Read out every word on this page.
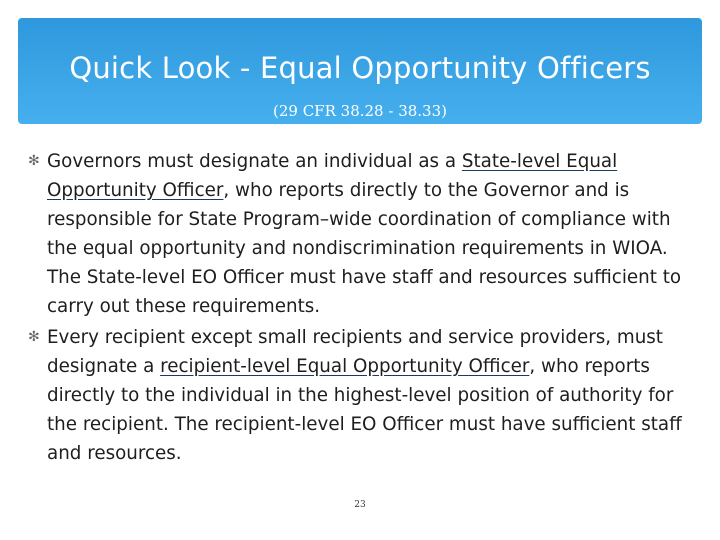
Quick Look - Equal Opportunity Officers
(29 CFR 38.28 - 38.33)
✻ Governors must designate an individual as a State-level Equal Opportunity Officer, who reports directly to the Governor and is responsible for State Program–wide coordination of compliance with the equal opportunity and nondiscrimination requirements in WIOA. The State-level EO Officer must have staff and resources sufficient to carry out these requirements.
✻ Every recipient except small recipients and service providers, must designate a recipient-level Equal Opportunity Officer, who reports directly to the individual in the highest-level position of authority for the recipient. The recipient-level EO Officer must have sufficient staff and resources.
23
